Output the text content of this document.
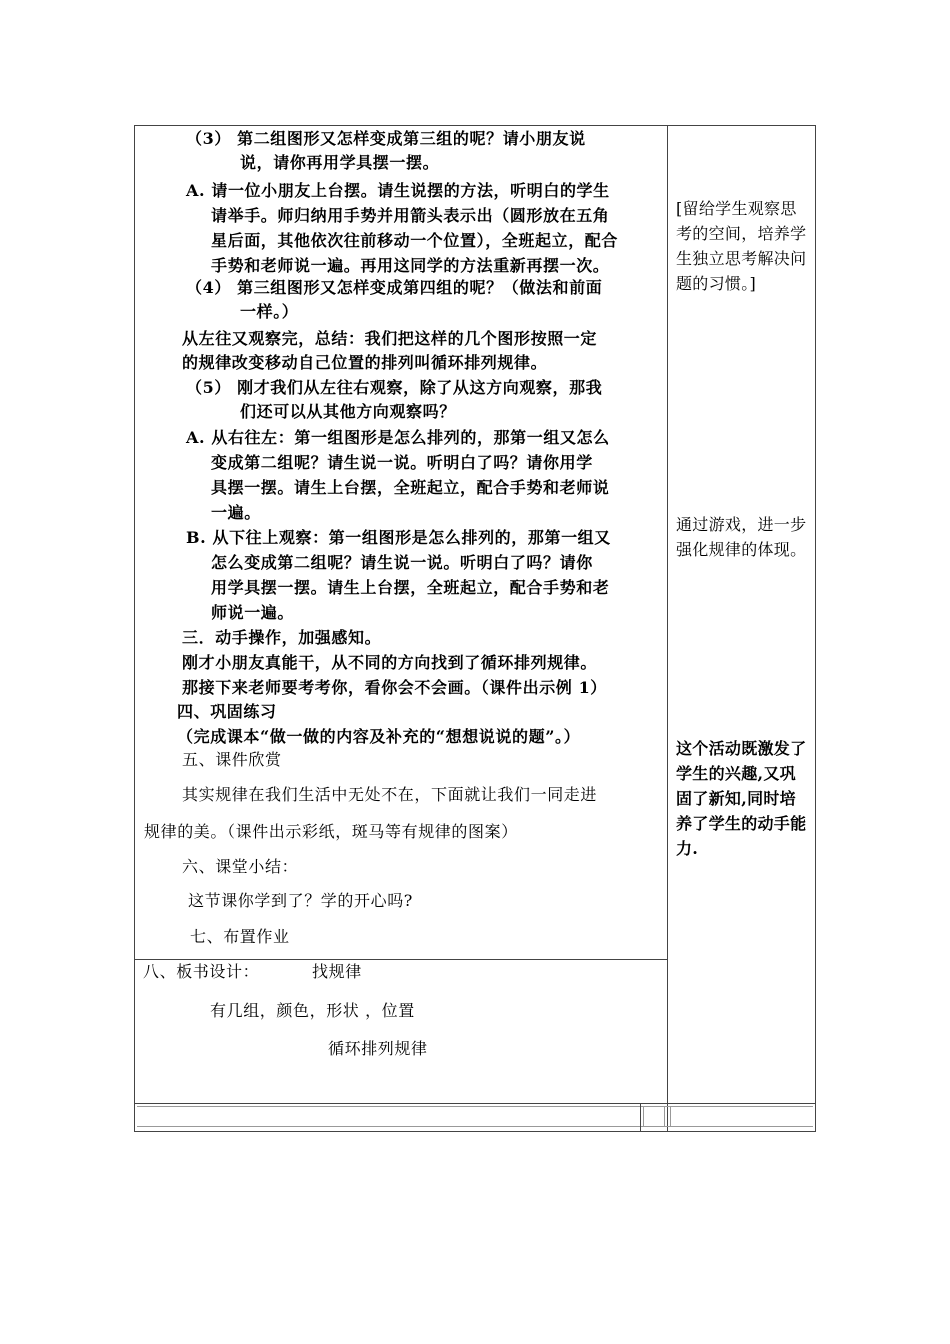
（3） 第二组图形又怎样变成第三组的呢？请小朋友说
说，请你再用学具摆一摆。
A. 请一位小朋友上台摆。请生说摆的方法，听明白的学生
请举手。师归纳用手势并用箭头表示出（圆形放在五角
星后面，其他依次往前移动一个位置），全班起立，配合
手势和老师说一遍。再用这同学的方法重新再摆一次。
（4） 第三组图形又怎样变成第四组的呢？（做法和前面
一样。）
从左往又观察完，总结：我们把这样的几个图形按照一定
的规律改变移动自己位置的排列叫循环排列规律。
（5） 刚才我们从左往右观察，除了从这方向观察，那我
们还可以从其他方向观察吗？
A. 从右往左：第一组图形是怎么排列的，那第一组又怎么
变成第二组呢？请生说一说。听明白了吗？请你用学
具摆一摆。请生上台摆，全班起立，配合手势和老师说
一遍。
B. 从下往上观察：第一组图形是怎么排列的，那第一组又
怎么变成第二组呢？请生说一说。听明白了吗？请你
用学具摆一摆。请生上台摆，全班起立，配合手势和老
师说一遍。
三．动手操作，加强感知。
刚才小朋友真能干，从不同的方向找到了循环排列规律。
那接下来老师要考考你，看你会不会画。（课件出示例 1）
四、巩固练习
（完成课本“做一做的内容及补充的“想想说说的题”。）
五、课件欣赏
其实规律在我们生活中无处不在，下面就让我们一同走进
规律的美。（课件出示彩纸，斑马等有规律的图案）
六、课堂小结：
这节课你学到了？学的开心吗?
七、布置作业
八、板书设计：	找规律
有几组，颜色，形状 ，位置
循环排列规律
[留给学生观察思考的空间，培养学生独立思考解决问题的习惯。]
通过游戏，进一步强化规律的体现。
这个活动既激发了学生的兴趣,又巩固了新知,同时培养了学生的动手能力.
